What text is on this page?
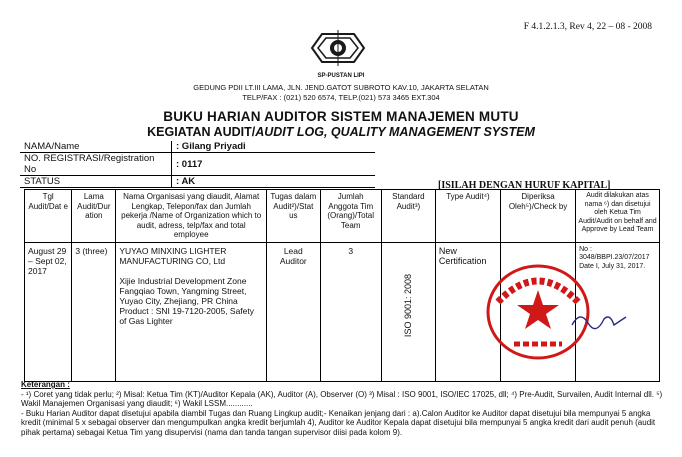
F 4.1.2.1.3, Rev 4, 22 – 08 - 2008
SP-PUSTAN LIPI
GEDUNG PDII LT.III LAMA, JLN. JEND.GATOT SUBROTO KAV.10, JAKARTA SELATAN
TELP/FAX : (021) 520 6574, TELP.(021) 573 3465 EXT.304
BUKU HARIAN AUDITOR SISTEM MANAJEMEN MUTU
KEGIATAN AUDIT/AUDIT LOG, QUALITY MANAGEMENT SYSTEM
NAMA/Name	: Gilang Priyadi
NO. REGISTRASI/Registration No	: 0117
STATUS	: AK	[ISILAH DENGAN HURUF KAPITAL]
Tgl Audit/Dat e	Lama Audit/Dur ation	Nama Organisasi yang diaudit, Alamat Lengkap, Telepon/fax dan Jumlah pekerja /Name of Organization which to audit, adress, telp/fax and total employee	Tugas dalam Audit²)/Stat us	Jumlah Anggota Tim (Orang)/Total Team	Standard Audit³)	Type Audit⁴)	Diperiksa Oleh⁵)/Check by	Audit dilakukan atas nama ⁶) dan disetujui oleh Ketua Tim Audit/Audit on behalf and Approve by Lead Team
August 29 – Sept 02, 2017	3 (three)	YUYAO MINXING LIGHTER MANUFACTURING CO, Ltd
Xijie Industrial Development Zone Fangqiao Town, Yangming Street, Yuyao City, Zhejiang, PR China
Product : SNI 19-7120-2005, Safety of Gas Lighter	Lead Auditor	3	ISO 9001: 2008	New Certification		No : 3048/BBPI.23/07/2017 Date I, July 31, 2017.
Keterangan :
- ¹) Coret yang tidak perlu; ²) Misal: Ketua Tim (KT)/Auditor Kepala (AK), Auditor (A), Observer (O) ³) Misal : ISO 9001, ISO/IEC 17025, dll; ⁴) Pre-Audit, Survailen, Audit Internal dll. ⁵) Wakil Manajemen Organisasi yang diaudit; ⁶) Wakil LSSM............
- Buku Harian Auditor dapat disetujui apabila diambil Tugas dan Ruang Lingkup audit;- Kenaikan jenjang dari : a).Calon Auditor ke Auditor dapat disetujui bila mempunyai 5 angka kredit (minimal 5 x sebagai observer dan mengumpulkan angka kredit berjumlah 4), Auditor ke Auditor Kepala dapat disetujui bila mempunyai 5 angka kredit dari audit penuh (audit pihak pertama) sebagai Ketua Tim yang disupervisi (nama dan tanda tangan supervisor diisi pada kolom 9).
